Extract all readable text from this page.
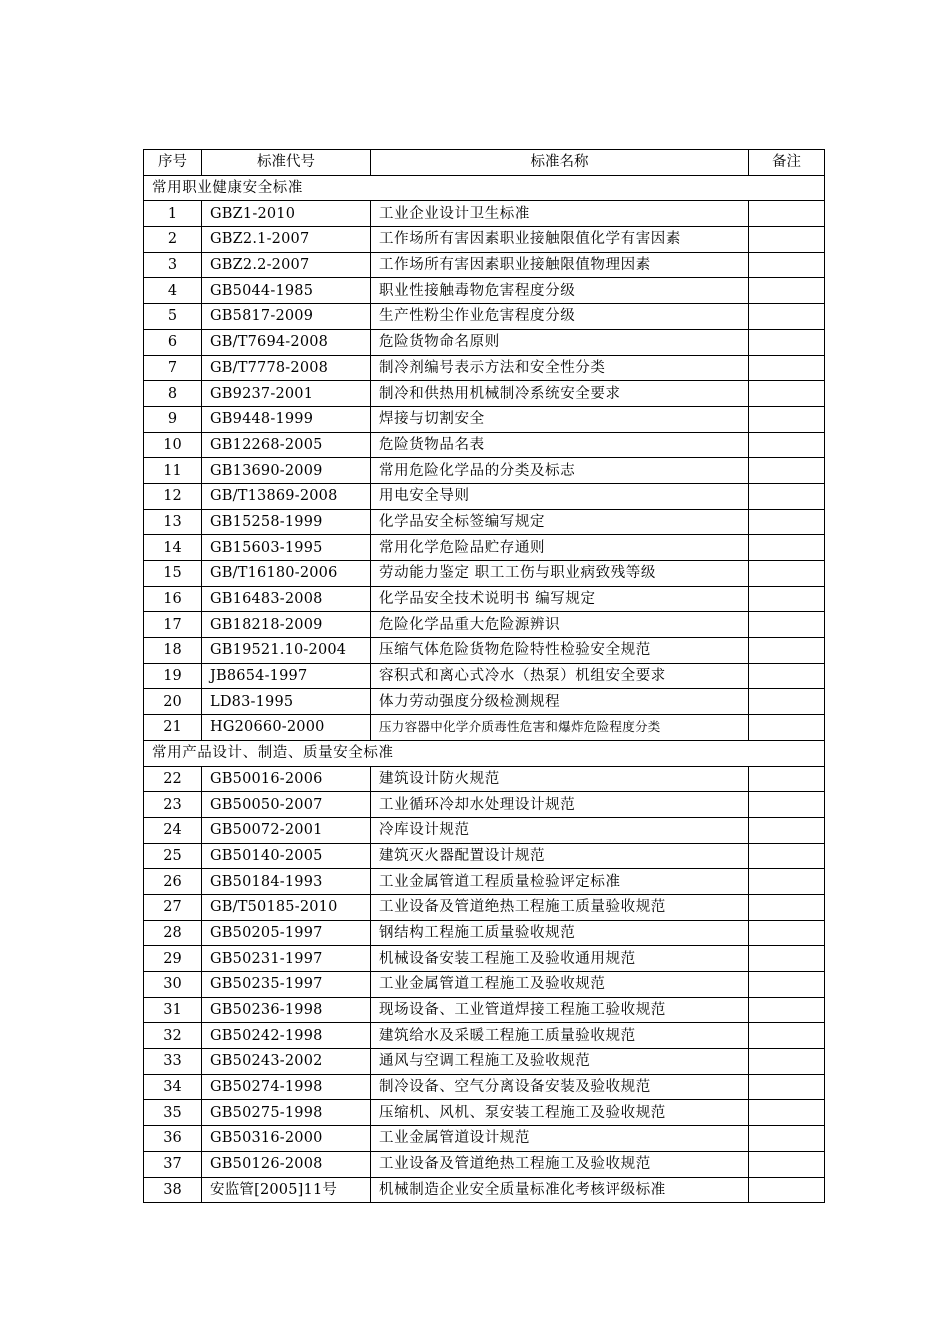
序号	标准代号	标准名称	备注
常用职业健康安全标准			
1	GBZ1-2010	工业企业设计卫生标准	
2	GBZ2.1-2007	工作场所有害因素职业接触限值化学有害因素	
3	GBZ2.2-2007	工作场所有害因素职业接触限值物理因素	
4	GB5044-1985	职业性接触毒物危害程度分级	
5	GB5817-2009	生产性粉尘作业危害程度分级	
6	GB/T7694-2008	危险货物命名原则	
7	GB/T7778-2008	制冷剂编号表示方法和安全性分类	
8	GB9237-2001	制冷和供热用机械制冷系统安全要求	
9	GB9448-1999	焊接与切割安全	
10	GB12268-2005	危险货物品名表	
11	GB13690-2009	常用危险化学品的分类及标志	
12	GB/T13869-2008	用电安全导则	
13	GB15258-1999	化学品安全标签编写规定	
14	GB15603-1995	常用化学危险品贮存通则	
15	GB/T16180-2006	劳动能力鉴定 职工工伤与职业病致残等级	
16	GB16483-2008	化学品安全技术说明书 编写规定	
17	GB18218-2009	危险化学品重大危险源辨识	
18	GB19521.10-2004	压缩气体危险货物危险特性检验安全规范	
19	JB8654-1997	容积式和离心式冷水（热泵）机组安全要求	
20	LD83-1995	体力劳动强度分级检测规程	
21	HG20660-2000	压力容器中化学介质毒性危害和爆炸危险程度分类	
常用产品设计、制造、质量安全标准			
22	GB50016-2006	建筑设计防火规范	
23	GB50050-2007	工业循环冷却水处理设计规范	
24	GB50072-2001	冷库设计规范	
25	GB50140-2005	建筑灭火器配置设计规范	
26	GB50184-1993	工业金属管道工程质量检验评定标准	
27	GB/T50185-2010	工业设备及管道绝热工程施工质量验收规范	
28	GB50205-1997	钢结构工程施工质量验收规范	
29	GB50231-1997	机械设备安装工程施工及验收通用规范	
30	GB50235-1997	工业金属管道工程施工及验收规范	
31	GB50236-1998	现场设备、工业管道焊接工程施工验收规范	
32	GB50242-1998	建筑给水及采暖工程施工质量验收规范	
33	GB50243-2002	通风与空调工程施工及验收规范	
34	GB50274-1998	制冷设备、空气分离设备安装及验收规范	
35	GB50275-1998	压缩机、风机、泵安装工程施工及验收规范	
36	GB50316-2000	工业金属管道设计规范	
37	GB50126-2008	工业设备及管道绝热工程施工及验收规范	
38	安监管[2005]11号	机械制造企业安全质量标准化考核评级标准	
